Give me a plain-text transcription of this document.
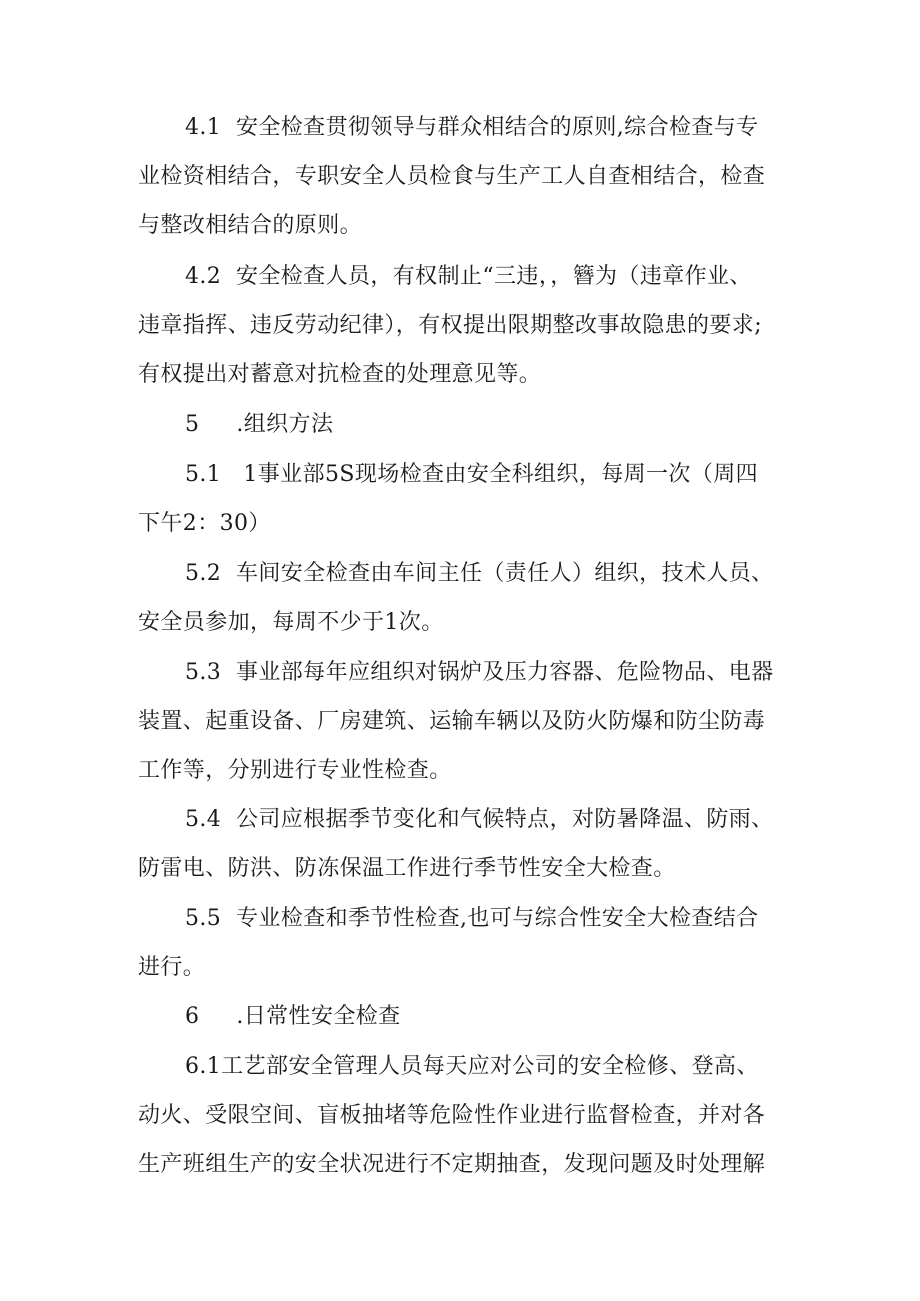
4.1  安全检查贯彻领导与群众相结合的原则,综合检查与专
业检资相结合，专职安全人员检食与生产工人自查相结合，检查
与整改相结合的原则。
4.2  安全检查人员，有权制止“三违，，簪为（违章作业、
违章指挥、违反劳动纪律），有权提出限期整改事故隐患的要求;
有权提出对蓄意对抗检查的处理意见等。
5     .组织方法
5.1   1事业部5S现场检查由安全科组织，每周一次（周四
下午2：30）
5.2  车间安全检查由车间主任（责任人）组织，技术人员、
安全员参加，每周不少于1次。
5.3  事业部每年应组织对锅炉及压力容器、危险物品、电器
装置、起重设备、厂房建筑、运输车辆以及防火防爆和防尘防毒
工作等，分别进行专业性检查。
5.4  公司应根据季节变化和气候特点，对防暑降温、防雨、
防雷电、防洪、防冻保温工作进行季节性安全大检查。
5.5  专业检查和季节性检查,也可与综合性安全大检查结合
进行。
6     .日常性安全检查
6.1工艺部安全管理人员每天应对公司的安全检修、登高、
动火、受限空间、盲板抽堵等危险性作业进行监督检查，并对各
生产班组生产的安全状况进行不定期抽查，发现问题及时处理解
